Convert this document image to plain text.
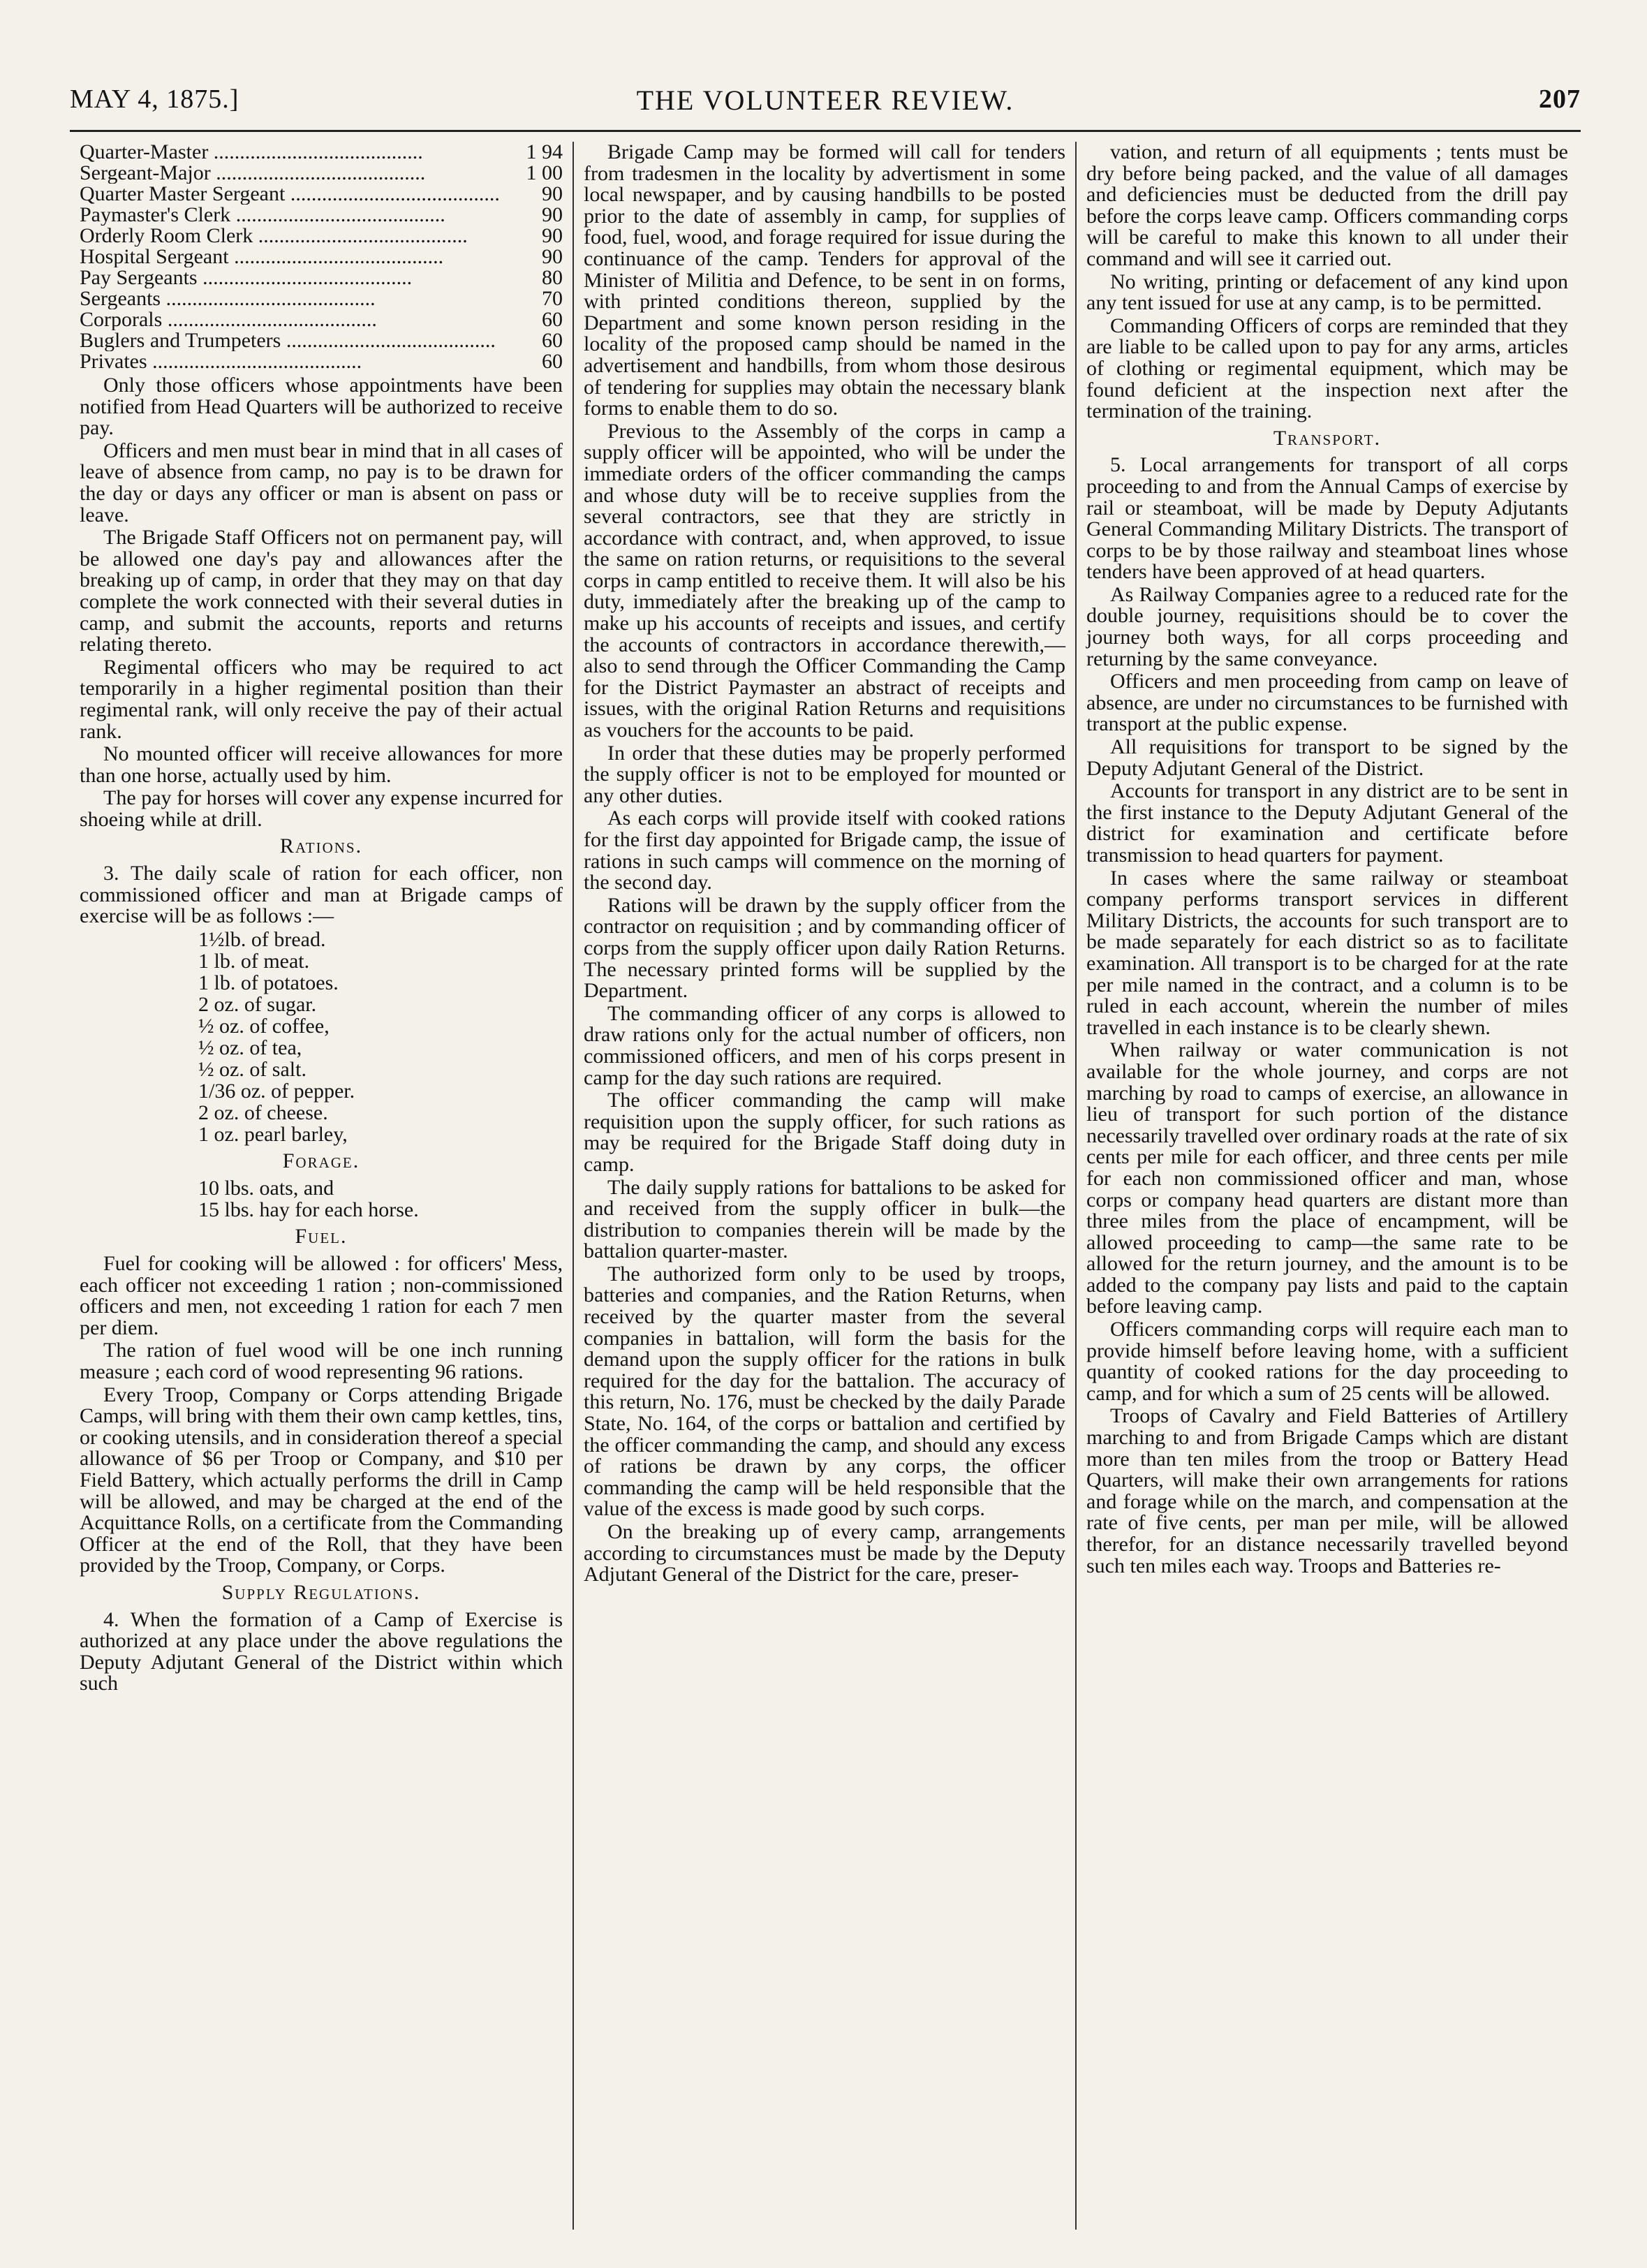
MAY 4, 1875.]	THE VOLUNTEER REVIEW.	207
Quarter-Master ........................................	1 94
Sergeant-Major ........................................	1 00
Quarter Master Sergeant ........................................	90
Paymaster's Clerk ........................................	90
Orderly Room Clerk ........................................	90
Hospital Sergeant ........................................	90
Pay Sergeants ........................................	80
Sergeants ........................................	70
Corporals ........................................	60
Buglers and Trumpeters ........................................	60
Privates ........................................	60

Only those officers whose appointments have been notified from Head Quarters will be authorized to receive pay.

Officers and men must bear in mind that in all cases of leave of absence from camp, no pay is to be drawn for the day or days any officer or man is absent on pass or leave.

The Brigade Staff Officers not on permanent pay, will be allowed one day's pay and allowances after the breaking up of camp, in order that they may on that day complete the work connected with their several duties in camp, and submit the accounts, reports and returns relating thereto.

Regimental officers who may be required to act temporarily in a higher regimental position than their regimental rank, will only receive the pay of their actual rank.

No mounted officer will receive allowances for more than one horse, actually used by him.

The pay for horses will cover any expense incurred for shoeing while at drill.

Rations.

3. The daily scale of ration for each officer, non commissioned officer and man at Brigade camps of exercise will be as follows :—

1½lb. of bread.
1 lb. of meat.
1 lb. of potatoes.
2 oz. of sugar.
½ oz. of coffee,
½ oz. of tea,
½ oz. of salt.
1/36 oz. of pepper.
2 oz. of cheese.
1 oz. pearl barley,

Forage.

10 lbs. oats, and
15 lbs. hay for each horse.

Fuel.

Fuel for cooking will be allowed : for officers' Mess, each officer not exceeding 1 ration ; non-commissioned officers and men, not exceeding 1 ration for each 7 men per diem.

The ration of fuel wood will be one inch running measure ; each cord of wood representing 96 rations.

Every Troop, Company or Corps attending Brigade Camps, will bring with them their own camp kettles, tins, or cooking utensils, and in consideration thereof a special allowance of $6 per Troop or Company, and $10 per Field Battery, which actually performs the drill in Camp will be allowed, and may be charged at the end of the Acquittance Rolls, on a certificate from the Commanding Officer at the end of the Roll, that they have been provided by the Troop, Company, or Corps.

Supply Regulations.

4. When the formation of a Camp of Exercise is authorized at any place under the above regulations the Deputy Adjutant General of the District within which such

Brigade Camp may be formed will call for tenders from tradesmen in the locality by advertisment in some local newspaper, and by causing handbills to be posted prior to the date of assembly in camp, for supplies of food, fuel, wood, and forage required for issue during the continuance of the camp. Tenders for approval of the Minister of Militia and Defence, to be sent in on forms, with printed conditions thereon, supplied by the Department and some known person residing in the locality of the proposed camp should be named in the advertisement and handbills, from whom those desirous of tendering for supplies may obtain the necessary blank forms to enable them to do so.

Previous to the Assembly of the corps in camp a supply officer will be appointed, who will be under the immediate orders of the officer commanding the camps and whose duty will be to receive supplies from the several contractors, see that they are strictly in accordance with contract, and, when approved, to issue the same on ration returns, or requisitions to the several corps in camp entitled to receive them. It will also be his duty, immediately after the breaking up of the camp to make up his accounts of receipts and issues, and certify the accounts of contractors in accordance therewith,—also to send through the Officer Commanding the Camp for the District Paymaster an abstract of receipts and issues, with the original Ration Returns and requisitions as vouchers for the accounts to be paid.

In order that these duties may be properly performed the supply officer is not to be employed for mounted or any other duties.

As each corps will provide itself with cooked rations for the first day appointed for Brigade camp, the issue of rations in such camps will commence on the morning of the second day.

Rations will be drawn by the supply officer from the contractor on requisition ; and by commanding officer of corps from the supply officer upon daily Ration Returns. The necessary printed forms will be supplied by the Department.

The commanding officer of any corps is allowed to draw rations only for the actual number of officers, non commissioned officers, and men of his corps present in camp for the day such rations are required.

The officer commanding the camp will make requisition upon the supply officer, for such rations as may be required for the Brigade Staff doing duty in camp.

The daily supply rations for battalions to be asked for and received from the supply officer in bulk—the distribution to companies therein will be made by the battalion quarter-master.

The authorized form only to be used by troops, batteries and companies, and the Ration Returns, when received by the quarter master from the several companies in battalion, will form the basis for the demand upon the supply officer for the rations in bulk required for the day for the battalion. The accuracy of this return, No. 176, must be checked by the daily Parade State, No. 164, of the corps or battalion and certified by the officer commanding the camp, and should any excess of rations be drawn by any corps, the officer commanding the camp will be held responsible that the value of the excess is made good by such corps.

On the breaking up of every camp, arrangements according to circumstances must be made by the Deputy Adjutant General of the District for the care, preser-

vation, and return of all equipments ; tents must be dry before being packed, and the value of all damages and deficiencies must be deducted from the drill pay before the corps leave camp. Officers commanding corps will be careful to make this known to all under their command and will see it carried out.

No writing, printing or defacement of any kind upon any tent issued for use at any camp, is to be permitted.

Commanding Officers of corps are reminded that they are liable to be called upon to pay for any arms, articles of clothing or regimental equipment, which may be found deficient at the inspection next after the termination of the training.

Transport.

5. Local arrangements for transport of all corps proceeding to and from the Annual Camps of exercise by rail or steamboat, will be made by Deputy Adjutants General Commanding Military Districts. The transport of corps to be by those railway and steamboat lines whose tenders have been approved of at head quarters.

As Railway Companies agree to a reduced rate for the double journey, requisitions should be to cover the journey both ways, for all corps proceeding and returning by the same conveyance.

Officers and men proceeding from camp on leave of absence, are under no circumstances to be furnished with transport at the public expense.

All requisitions for transport to be signed by the Deputy Adjutant General of the District.

Accounts for transport in any district are to be sent in the first instance to the Deputy Adjutant General of the district for examination and certificate before transmission to head quarters for payment.

In cases where the same railway or steamboat company performs transport services in different Military Districts, the accounts for such transport are to be made separately for each district so as to facilitate examination. All transport is to be charged for at the rate per mile named in the contract, and a column is to be ruled in each account, wherein the number of miles travelled in each instance is to be clearly shewn.

When railway or water communication is not available for the whole journey, and corps are not marching by road to camps of exercise, an allowance in lieu of transport for such portion of the distance necessarily travelled over ordinary roads at the rate of six cents per mile for each officer, and three cents per mile for each non commissioned officer and man, whose corps or company head quarters are distant more than three miles from the place of encampment, will be allowed proceeding to camp—the same rate to be allowed for the return journey, and the amount is to be added to the company pay lists and paid to the captain before leaving camp.

Officers commanding corps will require each man to provide himself before leaving home, with a sufficient quantity of cooked rations for the day proceeding to camp, and for which a sum of 25 cents will be allowed.

Troops of Cavalry and Field Batteries of Artillery marching to and from Brigade Camps which are distant more than ten miles from the troop or Battery Head Quarters, will make their own arrangements for rations and forage while on the march, and compensation at the rate of five cents, per man per mile, will be allowed therefor, for an distance necessarily travelled beyond such ten miles each way. Troops and Batteries re-
